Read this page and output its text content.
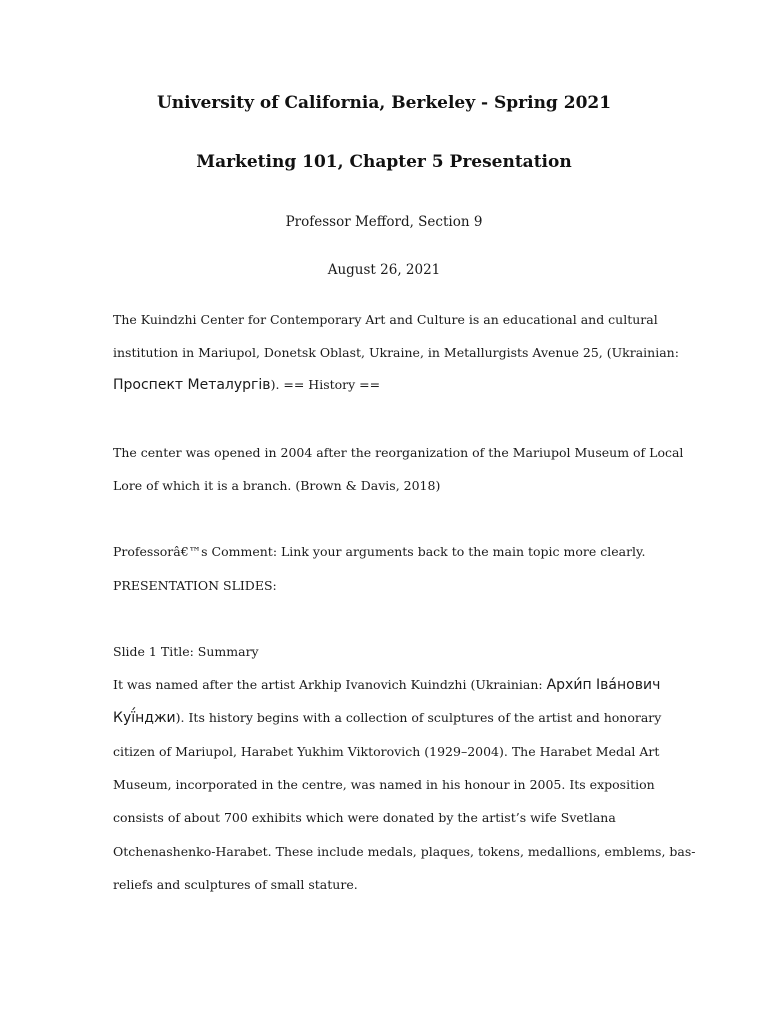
University of California, Berkeley - Spring 2021

Marketing 101, Chapter 5 Presentation

Professor Mefford, Section 9

August 26, 2021

The Kuindzhi Center for Contemporary Art and Culture is an educational and cultural

institution in Mariupol, Donetsk Oblast, Ukraine, in Metallurgists Avenue 25, (Ukrainian:

Проспект Металургів). == History ==

The center was opened in 2004 after the reorganization of the Mariupol Museum of Local

Lore of which it is a branch. (Brown & Davis, 2018)

Professorâ€™s Comment: Link your arguments back to the main topic more clearly.

PRESENTATION SLIDES:

Slide 1 Title: Summary

It was named after the artist Arkhip Ivanovich Kuindzhi (Ukrainian: Архи́п Іва́нович

Куї́нджи). Its history begins with a collection of sculptures of the artist and honorary

citizen of Mariupol, Harabet Yukhim Viktorovich (1929–2004). The Harabet Medal Art

Museum, incorporated in the centre, was named in his honour in 2005. Its exposition

consists of about 700 exhibits which were donated by the artist’s wife Svetlana

Otchenashenko-Harabet. These include medals, plaques, tokens, medallions, emblems, bas-

reliefs and sculptures of small stature.
